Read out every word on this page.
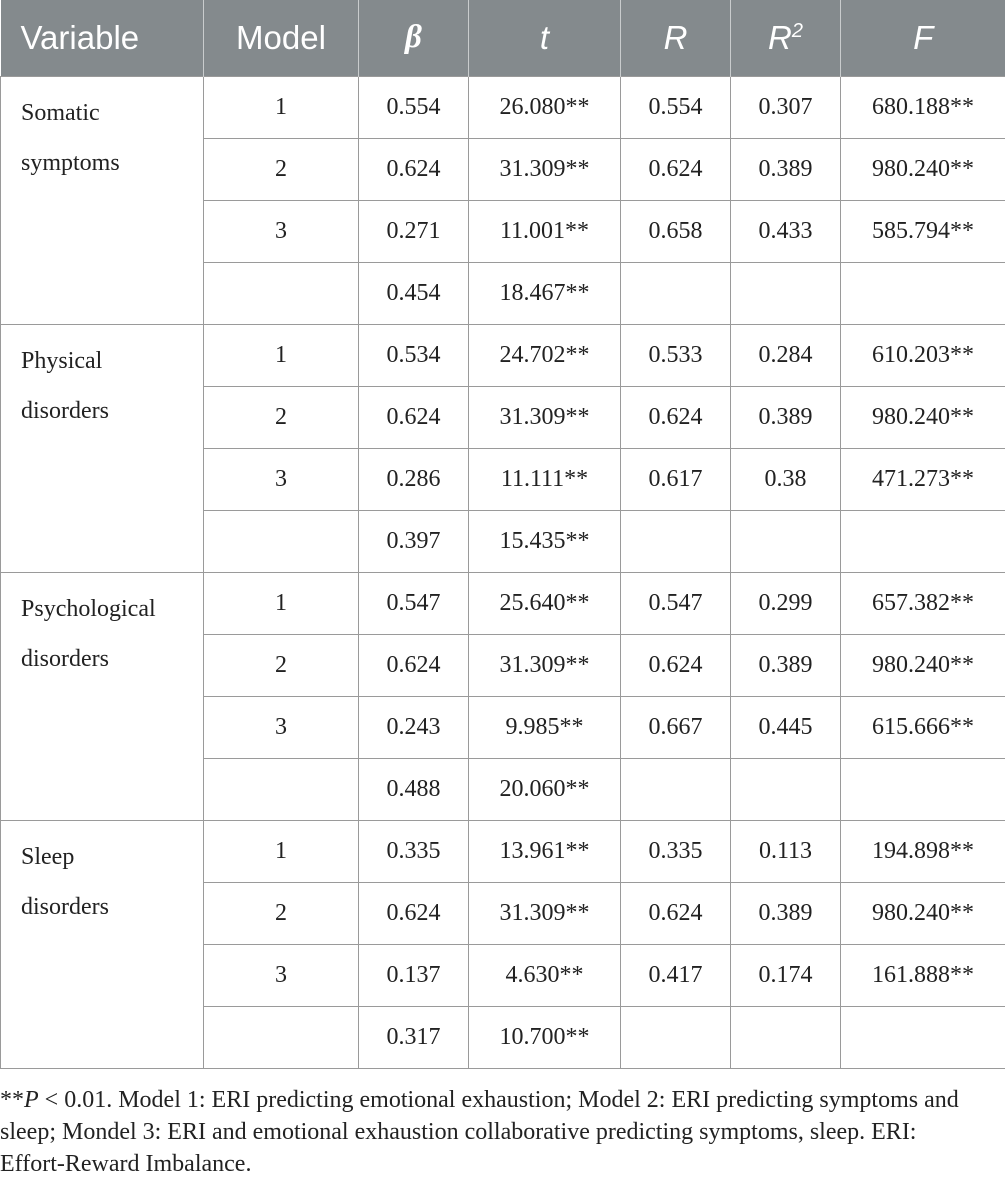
Variable	Model	β	t	R	$R^2$	F

Somatic
symptoms	1	0.554	26.080**	0.554	0.307	680.188**
	2	0.624	31.309**	0.624	0.389	980.240**
	3	0.271	11.001**	0.658	0.433	585.794**
		0.454	18.467**			

Physical
disorders	1	0.534	24.702**	0.533	0.284	610.203**
	2	0.624	31.309**	0.624	0.389	980.240**
	3	0.286	11.111**	0.617	0.38	471.273**
		0.397	15.435**			

Psychological
disorders	1	0.547	25.640**	0.547	0.299	657.382**
	2	0.624	31.309**	0.624	0.389	980.240**
	3	0.243	9.985**	0.667	0.445	615.666**
		0.488	20.060**			

Sleep
disorders	1	0.335	13.961**	0.335	0.113	194.898**
	2	0.624	31.309**	0.624	0.389	980.240**
	3	0.137	4.630**	0.417	0.174	161.888**
		0.317	10.700**			
**P < 0.01. Model 1: ERI predicting emotional exhaustion; Model 2: ERI predicting symptoms and sleep; Mondel 3: ERI and emotional exhaustion collaborative predicting symptoms, sleep. ERI: Effort-Reward Imbalance.
